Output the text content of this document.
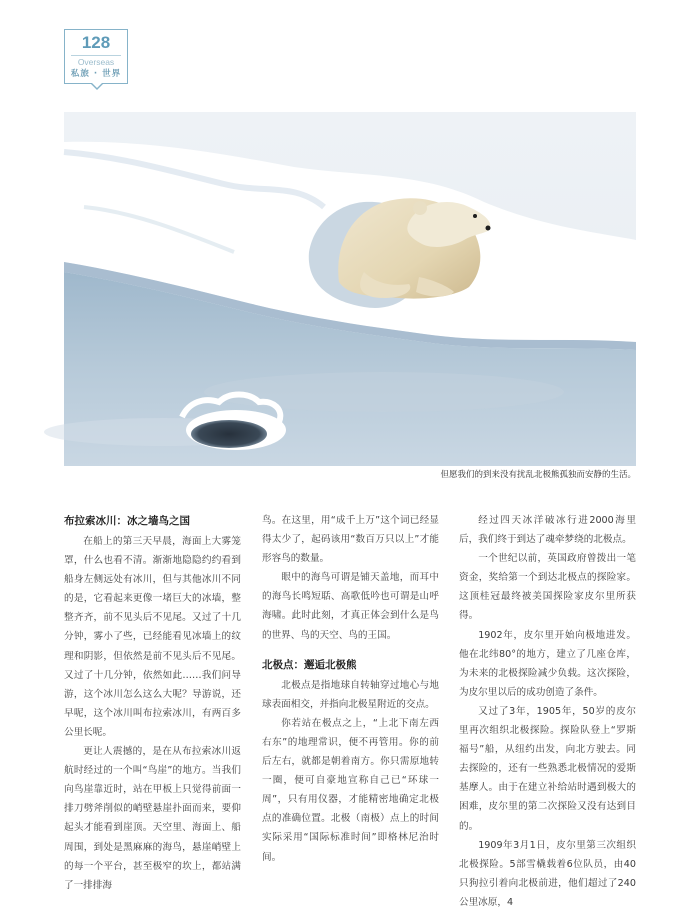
128
Overseas
私旅 · 世界
但愿我们的到来没有扰乱北极熊孤独而安静的生活。
布拉索冰川：冰之墙鸟之国

在船上的第三天早晨，海面上大雾笼罩，什么也看不清。渐渐地隐隐约约看到船身左侧远处有冰川，但与其他冰川不同的是，它看起来更像一堵巨大的冰墙，整整齐齐，前不见头后不见尾。又过了十几分钟，雾小了些，已经能看见冰墙上的纹理和阴影，但依然是前不见头后不见尾。又过了十几分钟，依然如此……我们问导游，这个冰川怎么这么大呢？导游说，还早呢，这个冰川叫布拉索冰川，有两百多公里长呢。

更让人震撼的，是在从布拉索冰川返航时经过的一个叫“鸟崖”的地方。当我们向鸟崖靠近时，站在甲板上只觉得前面一排刀劈斧削似的峭壁悬崖扑面而来，要仰起头才能看到崖顶。天空里、海面上、船周围，到处是黑麻麻的海鸟，悬崖峭壁上的每一个平台，甚至极窄的坎上，都站满了一排排海

鸟。在这里，用“成千上万”这个词已经显得太少了，起码该用“数百万只以上”才能形容鸟的数量。

眼中的海鸟可谓是铺天盖地，而耳中的海鸟长鸣短聒、高歌低吟也可谓是山呼海啸。此时此刻，才真正体会到什么是鸟的世界、鸟的天空、鸟的王国。

北极点：邂逅北极熊

北极点是指地球自转轴穿过地心与地球表面相交，并指向北极星附近的交点。

你若站在极点之上，“上北下南左西右东”的地理常识，便不再管用。你的前后左右，就都是朝着南方。你只需原地转一圈，便可自豪地宣称自己已“环球一周”，只有用仪器，才能精密地确定北极点的准确位置。北极（南极）点上的时间实际采用“国际标准时间”即格林尼治时间。

经过四天冰洋破冰行进2000海里后，我们终于到达了魂牵梦绕的北极点。

一个世纪以前，英国政府曾拨出一笔资金，奖给第一个到达北极点的探险家。这顶桂冠最终被美国探险家皮尔里所获得。

1902年，皮尔里开始向极地进发。他在北纬80°的地方，建立了几座仓库，为未来的北极探险减少负载。这次探险，为皮尔里以后的成功创造了条件。

又过了3年，1905年，50岁的皮尔里再次组织北极探险。探险队登上“罗斯福号”船，从纽约出发，向北方驶去。同去探险的，还有一些熟悉北极情况的爱斯基摩人。由于在建立补给站时遇到极大的困难，皮尔里的第二次探险又没有达到目的。

1909年3月1日，皮尔里第三次组织北极探险。5部雪橇载着6位队员，由40只狗拉引着向北极前进，他们超过了240公里冰原，4
